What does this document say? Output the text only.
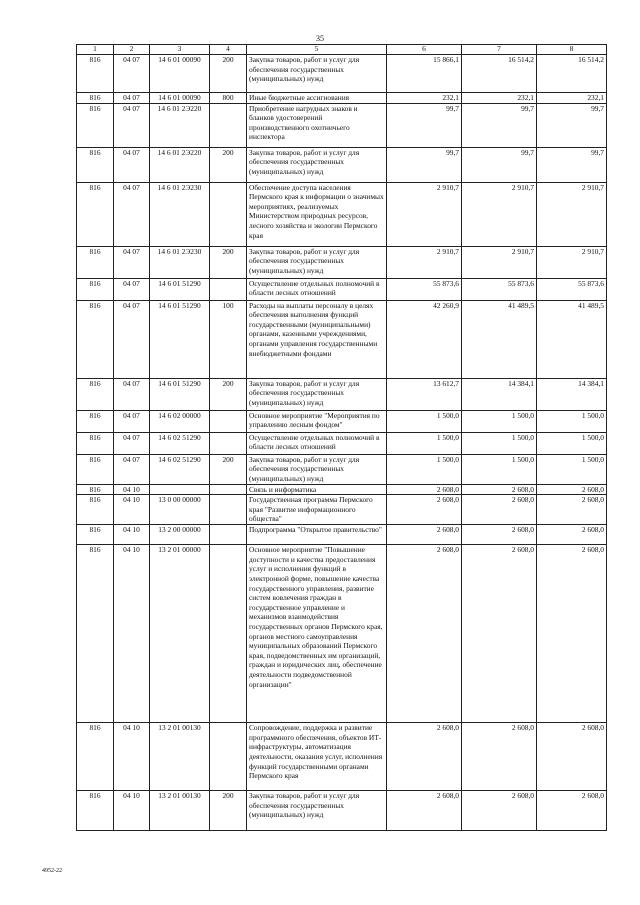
35
1	2	3	4	5	6	7	8
816	04 07	14 6 01 00090	200	Закупка товаров, работ и услуг для обеспечения государственных (муниципальных) нужд	15 866,1	16 514,2	16 514,2
816	04 07	14 6 01 00090	800	Иные бюджетные ассигнования	232,1	232,1	232,1
816	04 07	14 6 01 2Э220		Приобретение нагрудных знаков и бланков удостоверений производственного охотничьего инспектора	99,7	99,7	99,7
816	04 07	14 6 01 2Э220	200	Закупка товаров, работ и услуг для обеспечения государственных (муниципальных) нужд	99,7	99,7	99,7
816	04 07	14 6 01 2Э230		Обеспечение доступа населения Пермского края к информации о значимых мероприятиях, реализуемых Министерством природных ресурсов, лесного хозяйства и экологии Пермского края	2 910,7	2 910,7	2 910,7
816	04 07	14 6 01 2Э230	200	Закупка товаров, работ и услуг для обеспечения государственных (муниципальных) нужд	2 910,7	2 910,7	2 910,7
816	04 07	14 6 01 51290		Осуществление отдельных полномочий в области лесных отношений	55 873,6	55 873,6	55 873,6
816	04 07	14 6 01 51290	100	Расходы на выплаты персоналу в целях обеспечения выполнения функций государственными (муниципальными) органами, казенными учреждениями, органами управления государственными внебюджетными фондами	42 260,9	41 489,5	41 489,5
816	04 07	14 6 01 51290	200	Закупка товаров, работ и услуг для обеспечения государственных (муниципальных) нужд	13 612,7	14 384,1	14 384,1
816	04 07	14 6 02 00000		Основное мероприятие "Мероприятия по управлению лесным фондом"	1 500,0	1 500,0	1 500,0
816	04 07	14 6 02 51290		Осуществление отдельных полномочий в области лесных отношений	1 500,0	1 500,0	1 500,0
816	04 07	14 6 02 51290	200	Закупка товаров, работ и услуг для обеспечения государственных (муниципальных) нужд	1 500,0	1 500,0	1 500,0
816	04 10			Связь и информатика	2 608,0	2 608,0	2 608,0
816	04 10	13 0 00 00000		Государственная программа Пермского края "Развитие информационного общества"	2 608,0	2 608,0	2 608,0
816	04 10	13 2 00 00000		Подпрограмма "Открытое правительство"	2 608,0	2 608,0	2 608,0
816	04 10	13 2 01 00000		Основное мероприятие "Повышение доступности и качества предоставления услуг и исполнения функций в электронной форме, повышение качества государственного управления, развитие систем вовлечения граждан в государственное управление и механизмов взаимодействия государственных органов Пермского края, органов местного самоуправления муниципальных образований Пермского края, подведомственных им организаций, граждан и юридических лиц, обеспечение деятельности подведомственной организации"	2 608,0	2 608,0	2 608,0
816	04 10	13 2 01 00130		Сопровождение, поддержка и развитие программного обеспечения, объектов ИТ-инфраструктуры, автоматизация деятельности, оказания услуг, исполнения функций государственными органами Пермского края	2 608,0	2 608,0	2 608,0
816	04 10	13 2 01 00130	200	Закупка товаров, работ и услуг для обеспечения государственных (муниципальных) нужд	2 608,0	2 608,0	2 608,0
4952-22
